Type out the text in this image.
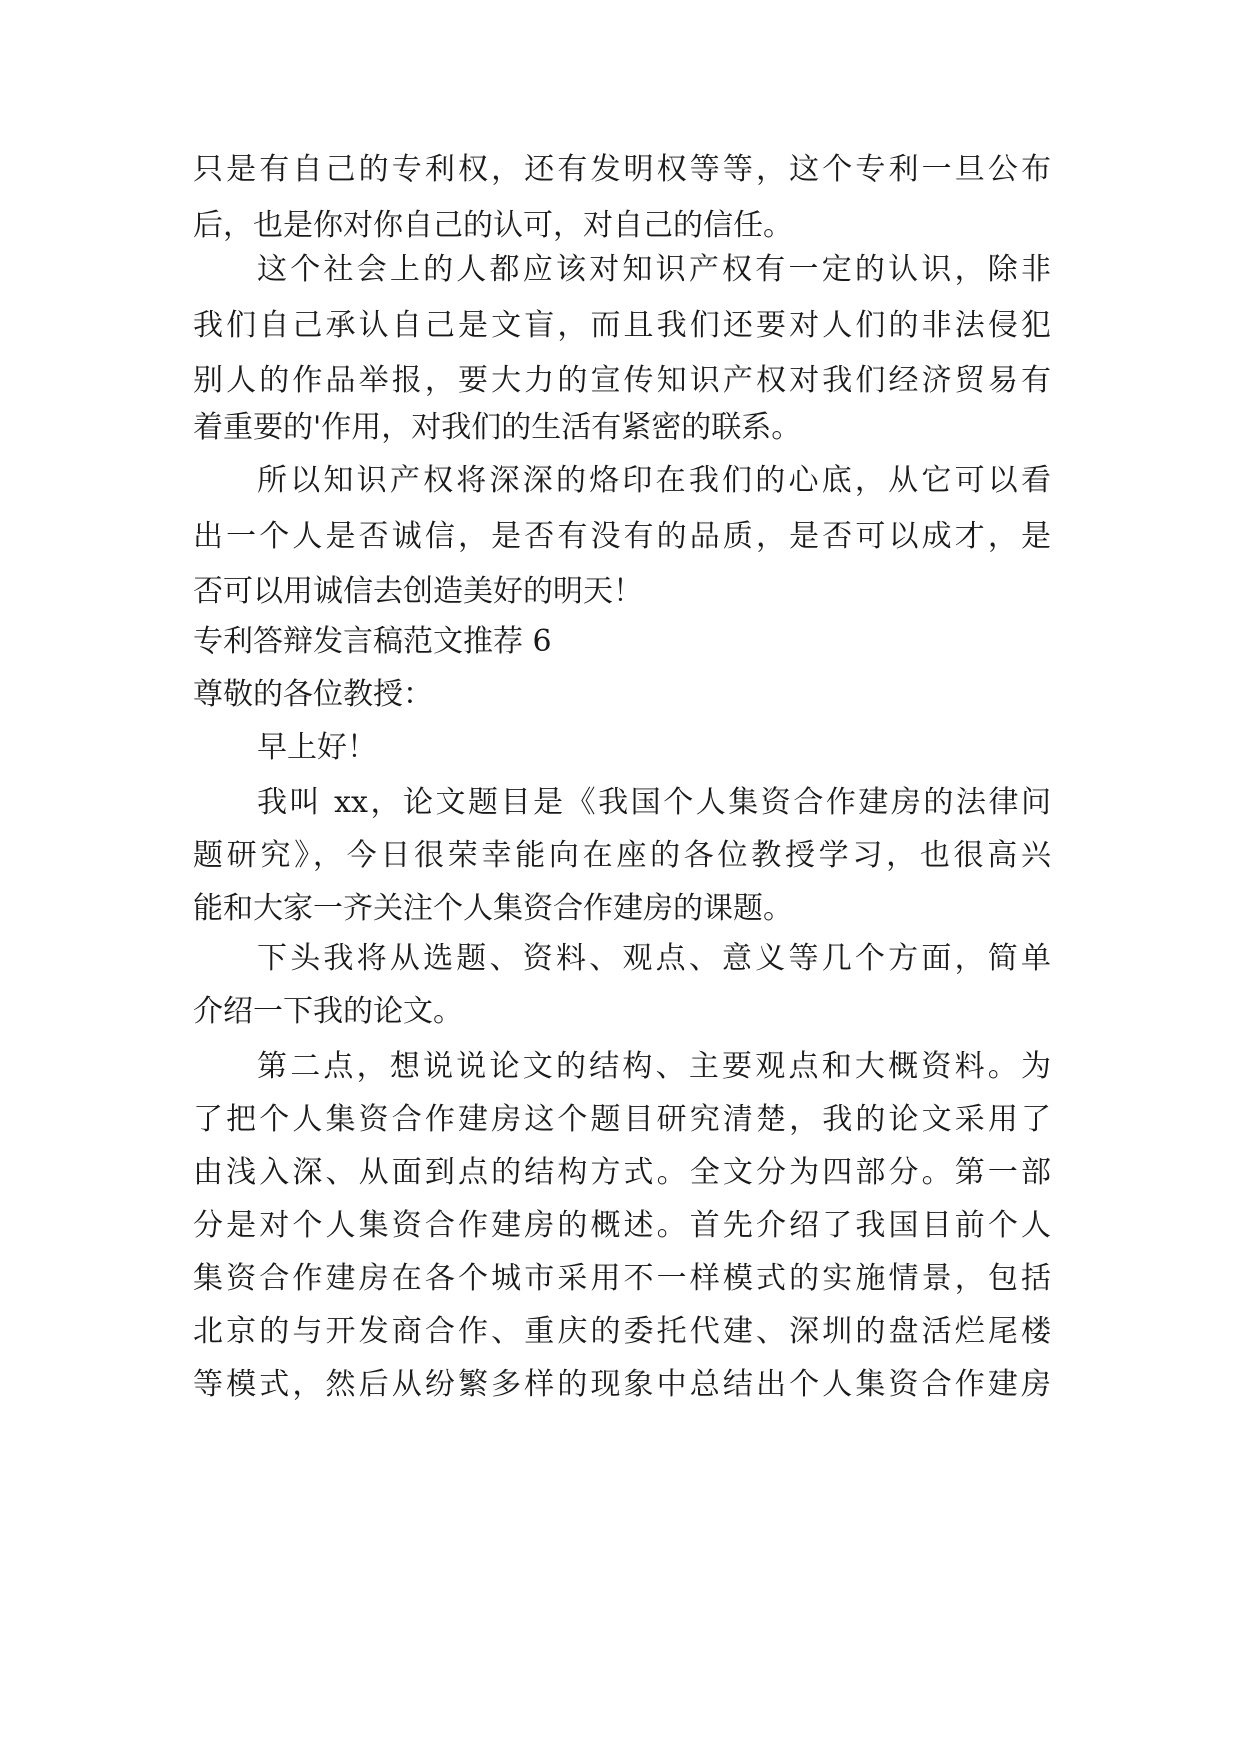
只是有自己的专利权，还有发明权等等，这个专利一旦公布
后，也是你对你自己的认可，对自己的信任。
这个社会上的人都应该对知识产权有一定的认识，除非
我们自己承认自己是文盲，而且我们还要对人们的非法侵犯
别人的作品举报，要大力的宣传知识产权对我们经济贸易有
着重要的'作用，对我们的生活有紧密的联系。
所以知识产权将深深的烙印在我们的心底，从它可以看
出一个人是否诚信，是否有没有的品质，是否可以成才，是
否可以用诚信去创造美好的明天！
专利答辩发言稿范文推荐 6
尊敬的各位教授：
早上好！
我叫 xx，论文题目是《我国个人集资合作建房的法律问
题研究》，今日很荣幸能向在座的各位教授学习，也很高兴
能和大家一齐关注个人集资合作建房的课题。
下头我将从选题、资料、观点、意义等几个方面，简单
介绍一下我的论文。
第二点，想说说论文的结构、主要观点和大概资料。为
了把个人集资合作建房这个题目研究清楚，我的论文采用了
由浅入深、从面到点的结构方式。全文分为四部分。第一部
分是对个人集资合作建房的概述。首先介绍了我国目前个人
集资合作建房在各个城市采用不一样模式的实施情景，包括
北京的与开发商合作、重庆的委托代建、深圳的盘活烂尾楼
等模式，然后从纷繁多样的现象中总结出个人集资合作建房
